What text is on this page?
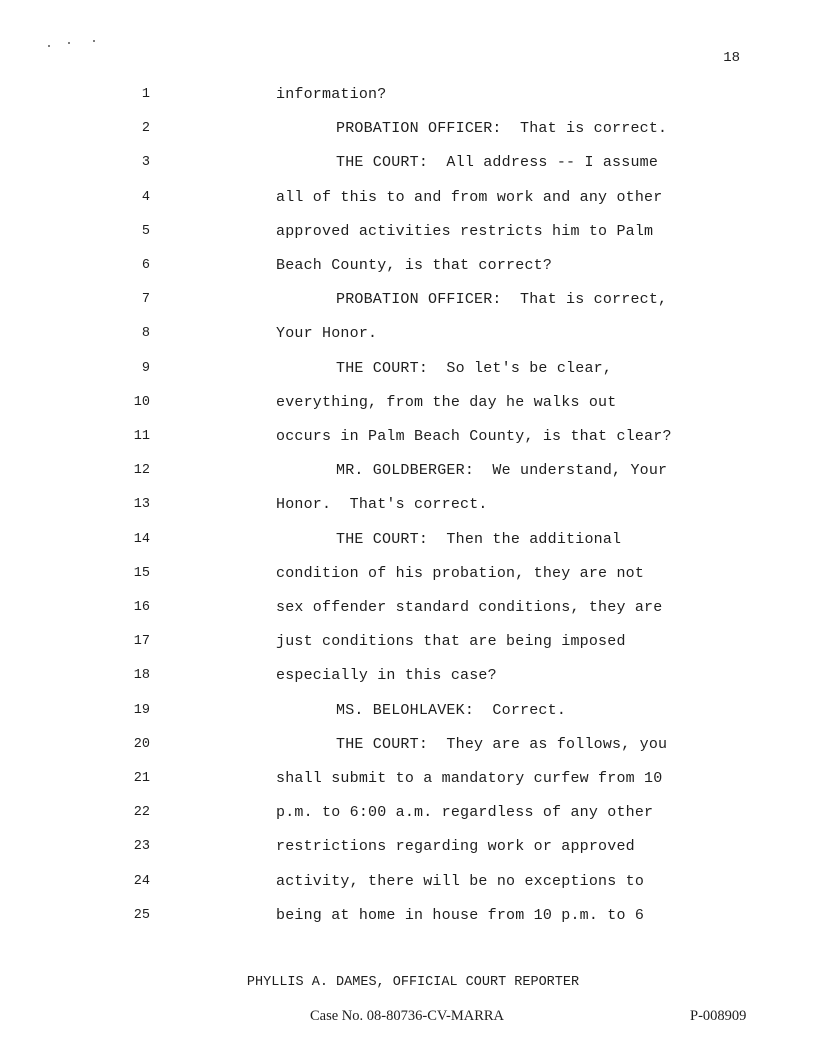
18
1	information?
2	PROBATION OFFICER:  That is correct.
3	THE COURT:  All address -- I assume
4	all of this to and from work and any other
5	approved activities restricts him to Palm
6	Beach County, is that correct?
7	PROBATION OFFICER:  That is correct,
8	Your Honor.
9	THE COURT:  So let's be clear,
10	everything, from the day he walks out
11	occurs in Palm Beach County, is that clear?
12	MR. GOLDBERGER:  We understand, Your
13	Honor.  That's correct.
14	THE COURT:  Then the additional
15	condition of his probation, they are not
16	sex offender standard conditions, they are
17	just conditions that are being imposed
18	especially in this case?
19	MS. BELOHLAVEK:  Correct.
20	THE COURT:  They are as follows, you
21	shall submit to a mandatory curfew from 10
22	p.m. to 6:00 a.m. regardless of any other
23	restrictions regarding work or approved
24	activity, there will be no exceptions to
25	being at home in house from 10 p.m. to 6
PHYLLIS A. DAMES, OFFICIAL COURT REPORTER
Case No. 08-80736-CV-MARRA	P-008909
